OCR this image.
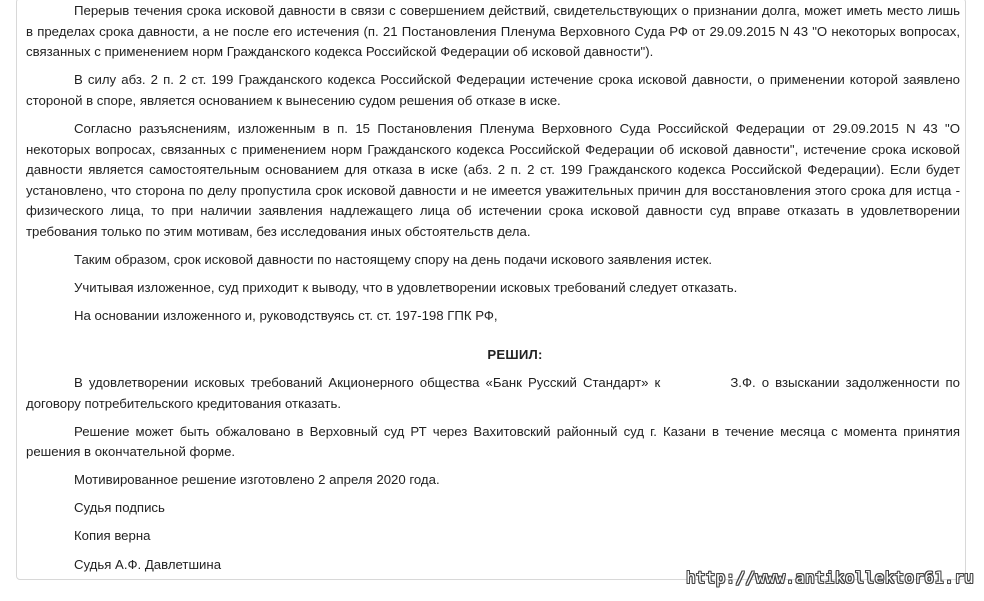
Перерыв течения срока исковой давности в связи с совершением действий, свидетельствующих о признании долга, может иметь место лишь в пределах срока давности, а не после его истечения (п. 21 Постановления Пленума Верховного Суда РФ от 29.09.2015 N 43 "О некоторых вопросах, связанных с применением норм Гражданского кодекса Российской Федерации об исковой давности").

В силу абз. 2 п. 2 ст. 199 Гражданского кодекса Российской Федерации истечение срока исковой давности, о применении которой заявлено стороной в споре, является основанием к вынесению судом решения об отказе в иске.

Согласно разъяснениям, изложенным в п. 15 Постановления Пленума Верховного Суда Российской Федерации от 29.09.2015 N 43 "О некоторых вопросах, связанных с применением норм Гражданского кодекса Российской Федерации об исковой давности", истечение срока исковой давности является самостоятельным основанием для отказа в иске (абз. 2 п. 2 ст. 199 Гражданского кодекса Российской Федерации). Если будет установлено, что сторона по делу пропустила срок исковой давности и не имеется уважительных причин для восстановления этого срока для истца - физического лица, то при наличии заявления надлежащего лица об истечении срока исковой давности суд вправе отказать в удовлетворении требования только по этим мотивам, без исследования иных обстоятельств дела.

Таким образом, срок исковой давности по настоящему спору на день подачи искового заявления истек.

Учитывая изложенное, суд приходит к выводу, что в удовлетворении исковых требований следует отказать.

На основании изложенного и, руководствуясь ст. ст. 197-198 ГПК РФ,

РЕШИЛ:

В удовлетворении исковых требований Акционерного общества «Банк Русский Стандарт» к	З.Ф. о взыскании задолженности по договору потребительского кредитования отказать.

Решение может быть обжаловано в Верховный суд РТ через Вахитовский районный суд г. Казани в течение месяца с момента принятия решения в окончательной форме.

Мотивированное решение изготовлено 2 апреля 2020 года.

Судья подпись

Копия верна

Судья А.Ф. Давлетшина

http://www.antikollektor61.ru
